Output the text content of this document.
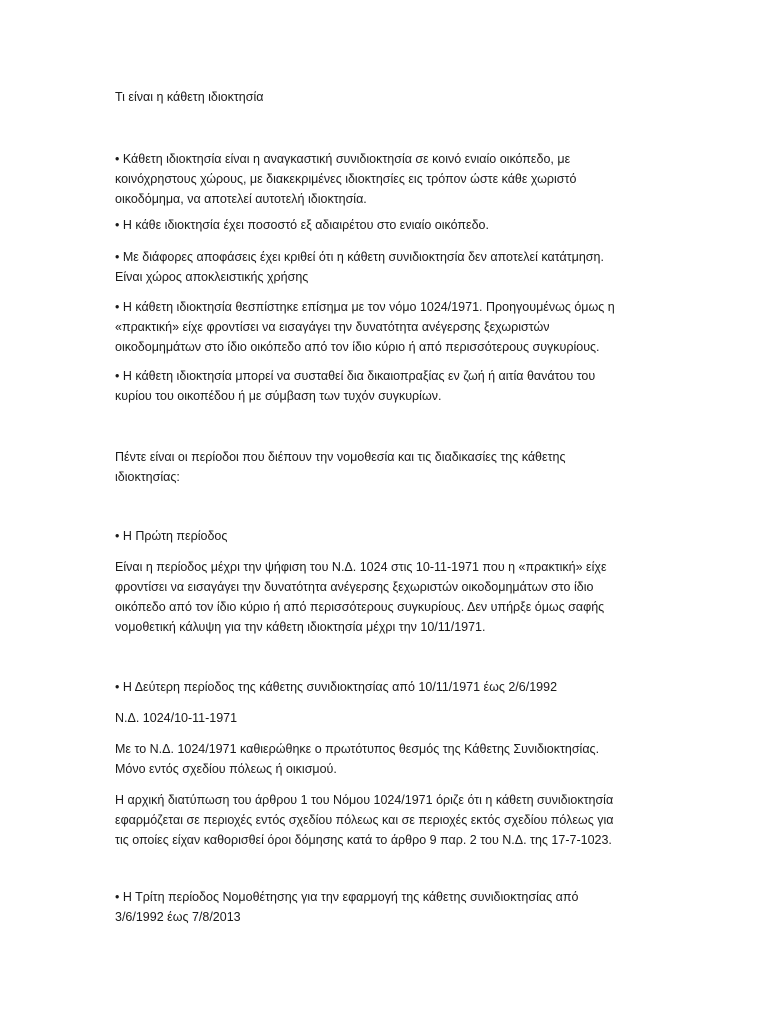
Τι είναι η κάθετη ιδιοκτησία

• Κάθετη ιδιοκτησία είναι η αναγκαστική συνιδιοκτησία σε κοινό ενιαίο οικόπεδο, με
κοινόχρηστους χώρους, με διακεκριμένες ιδιοκτησίες εις τρόπον ώστε κάθε χωριστό
οικοδόμημα, να αποτελεί αυτοτελή ιδιοκτησία.

• Η κάθε ιδιοκτησία έχει ποσοστό εξ αδιαιρέτου στο ενιαίο οικόπεδο.

• Με διάφορες αποφάσεις έχει κριθεί ότι η κάθετη συνιδιοκτησία δεν αποτελεί κατάτμηση.
Είναι χώρος αποκλειστικής χρήσης

• Η κάθετη ιδιοκτησία θεσπίστηκε επίσημα με τον νόμο 1024/1971. Προηγουμένως όμως η
«πρακτική» είχε φροντίσει να εισαγάγει την δυνατότητα ανέγερσης ξεχωριστών
οικοδομημάτων στο ίδιο οικόπεδο από τον ίδιο κύριο ή από περισσότερους συγκυρίους.

• Η κάθετη ιδιοκτησία μπορεί να συσταθεί δια δικαιοπραξίας εν ζωή ή αιτία θανάτου του
κυρίου του οικοπέδου ή με σύμβαση των τυχόν συγκυρίων.

Πέντε είναι οι περίοδοι που διέπουν την νομοθεσία και τις διαδικασίες της κάθετης
ιδιοκτησίας:

• Η Πρώτη περίοδος

Είναι η περίοδος μέχρι την ψήφιση του Ν.Δ. 1024 στις 10-11-1971 που η «πρακτική» είχε
φροντίσει να εισαγάγει την δυνατότητα ανέγερσης ξεχωριστών οικοδομημάτων στο ίδιο
οικόπεδο από τον ίδιο κύριο ή από περισσότερους συγκυρίους. Δεν υπήρξε όμως σαφής
νομοθετική κάλυψη για την κάθετη ιδιοκτησία μέχρι την 10/11/1971.

• Η Δεύτερη περίοδος της κάθετης συνιδιοκτησίας από 10/11/1971 έως 2/6/1992

Ν.Δ. 1024/10-11-1971

Με το Ν.Δ. 1024/1971 καθιερώθηκε ο πρωτότυπος θεσμός της Κάθετης Συνιδιοκτησίας.
Μόνο εντός σχεδίου πόλεως ή οικισμού.

Η αρχική διατύπωση του άρθρου 1 του Νόμου 1024/1971 όριζε ότι η κάθετη συνιδιοκτησία
εφαρμόζεται σε περιοχές εντός σχεδίου πόλεως και σε περιοχές εκτός σχεδίου πόλεως για
τις οποίες είχαν καθορισθεί όροι δόμησης κατά το άρθρο 9 παρ. 2 του Ν.Δ. της 17-7-1023.

• Η Τρίτη περίοδος Νομοθέτησης για την εφαρμογή της κάθετης συνιδιοκτησίας από
3/6/1992 έως 7/8/2013
